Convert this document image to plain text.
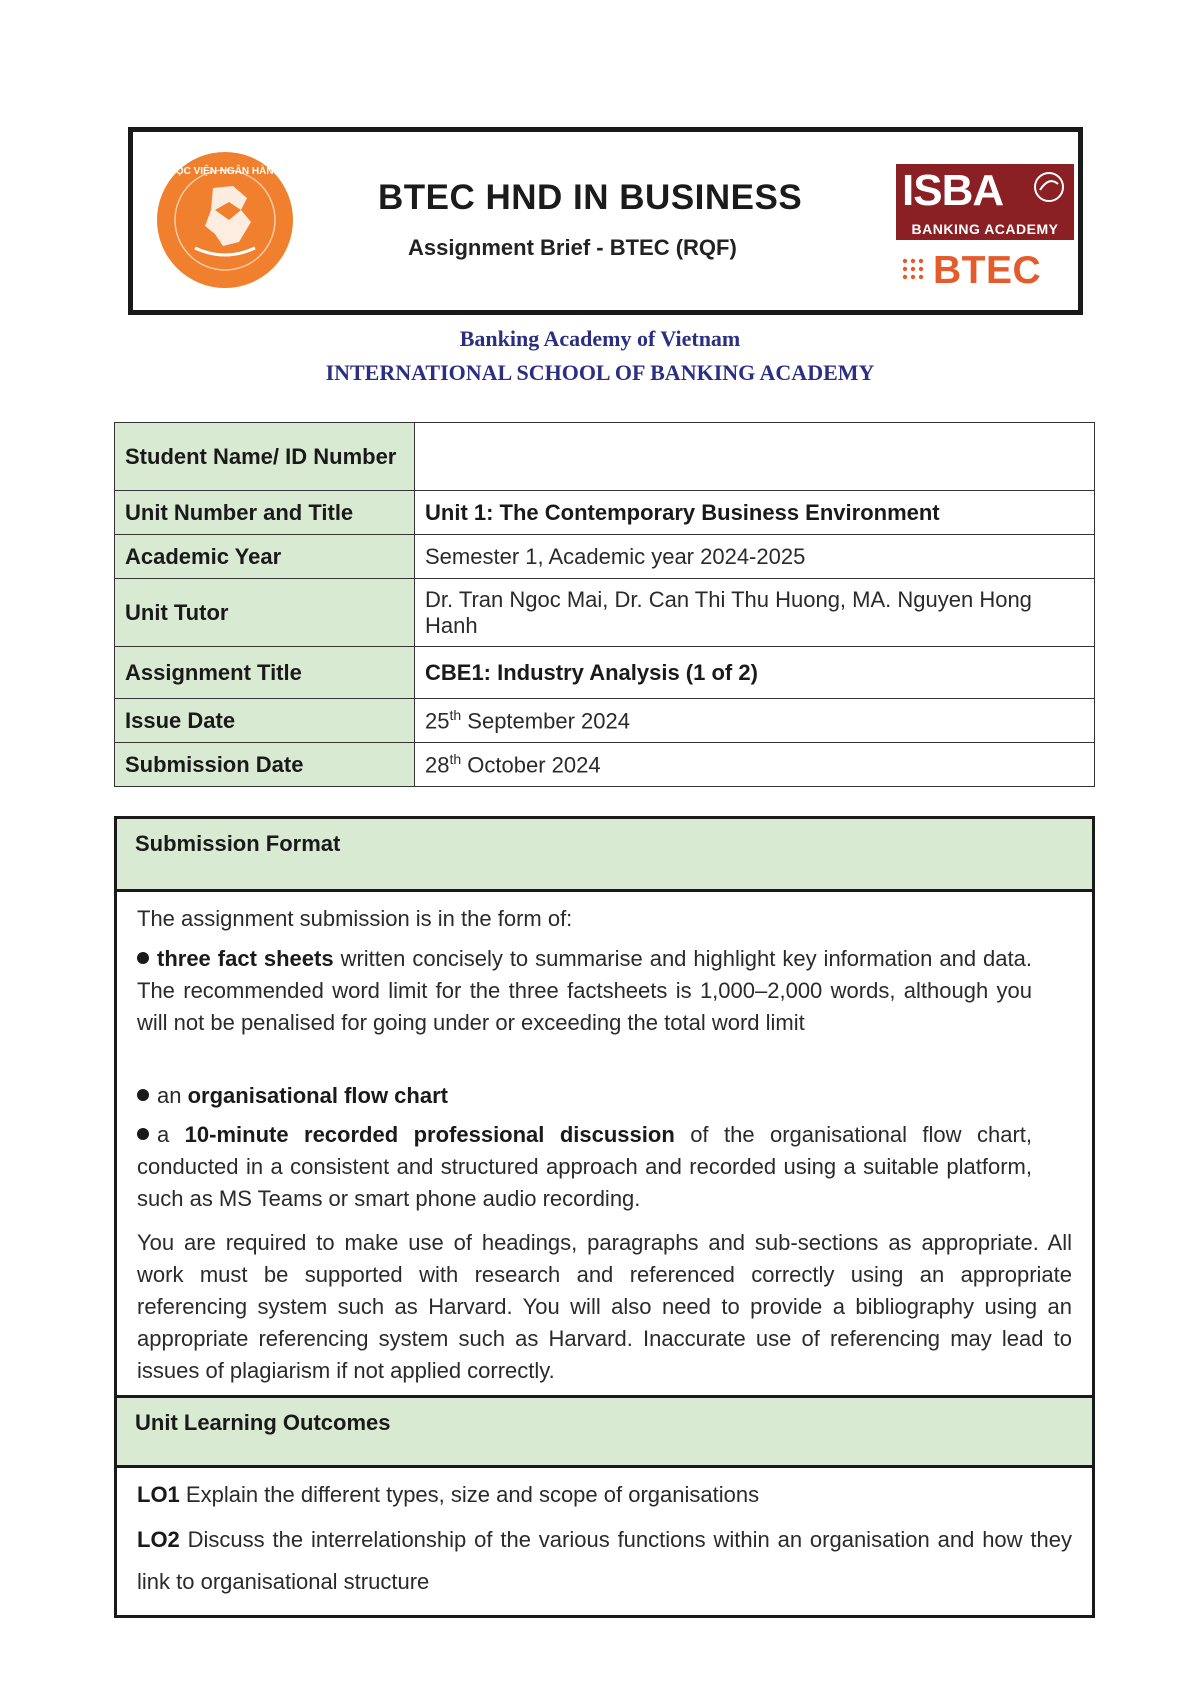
HỌC VIỆN NGÂN HÀNG
BTEC HND IN BUSINESS
Assignment Brief - BTEC (RQF)
ISBA
BANKING ACADEMY
BTEC
Banking Academy of Vietnam
INTERNATIONAL SCHOOL OF BANKING ACADEMY
Student Name/ ID Number	
Unit Number and Title	Unit 1: The Contemporary Business Environment
Academic Year	Semester 1, Academic year 2024-2025
Unit Tutor	Dr. Tran Ngoc Mai, Dr. Can Thi Thu Huong, MA. Nguyen Hong Hanh
Assignment Title	CBE1: Industry Analysis (1 of 2)
Issue Date	25th September 2024
Submission Date	28th October 2024
Submission Format
The assignment submission is in the form of:
three fact sheets written concisely to summarise and highlight key information and data. The recommended word limit for the three factsheets is 1,000–2,000 words, although you will not be penalised for going under or exceeding the total word limit
an organisational flow chart
a 10-minute recorded professional discussion of the organisational flow chart, conducted in a consistent and structured approach and recorded using a suitable platform, such as MS Teams or smart phone audio recording.
You are required to make use of headings, paragraphs and sub-sections as appropriate. All work must be supported with research and referenced correctly using an appropriate referencing system such as Harvard. You will also need to provide a bibliography using an appropriate referencing system such as Harvard. Inaccurate use of referencing may lead to issues of plagiarism if not applied correctly.
Unit Learning Outcomes
LO1 Explain the different types, size and scope of organisations
LO2 Discuss the interrelationship of the various functions within an organisation and how they link to organisational structure
